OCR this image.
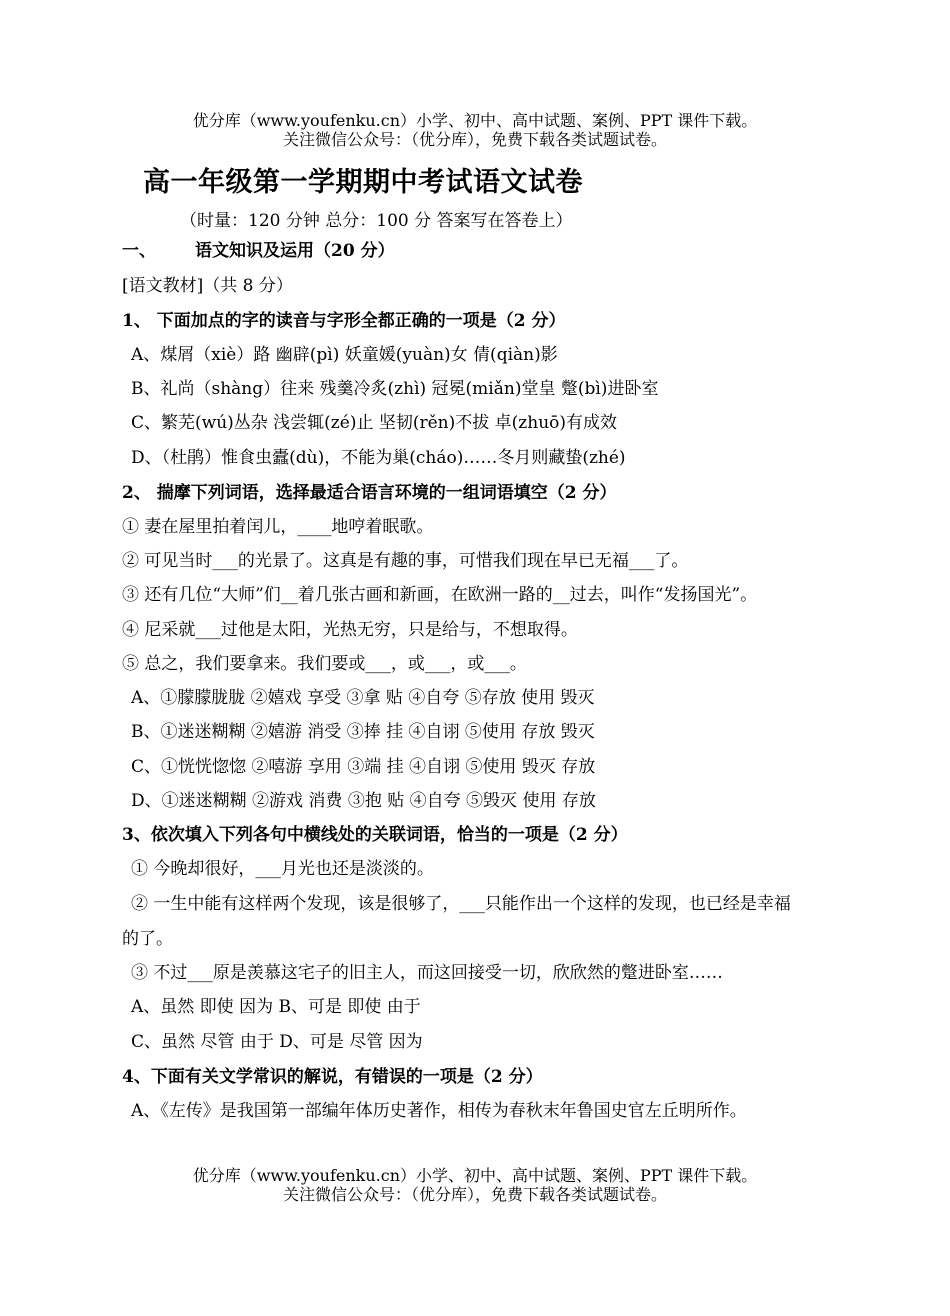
优分库（www.youfenku.cn）小学、初中、高中试题、案例、PPT 课件下载。
关注微信公众号：（优分库），免费下载各类试题试卷。
高一年级第一学期期中考试语文试卷
（时量：120 分钟 总分：100 分 答案写在答卷上）
一、 语文知识及运用（20 分）
[语文教材]（共 8 分）
1、 下面加点的字的读音与字形全都正确的一项是（2 分）
A、煤屑（xiè）路 幽辟(pì) 妖童媛(yuàn)女 倩(qiàn)影
B、礼尚（shàng）往来 残羹冷炙(zhì) 冠冕(miǎn)堂皇 蹩(bì)进卧室
C、繁芜(wú)丛杂 浅尝辄(zé)止 坚韧(rěn)不拔 卓(zhuō)有成效
D、（杜鹃）惟食虫蠹(dù)，不能为巢(cháo)……冬月则藏蛰(zhé)
2、 揣摩下列词语，选择最适合语言环境的一组词语填空（2 分）
① 妻在屋里拍着闰儿，____地哼着眠歌。
② 可见当时___的光景了。这真是有趣的事，可惜我们现在早已无福___了。
③ 还有几位“大师”们__着几张古画和新画，在欧洲一路的__过去，叫作“发扬国光”。
④ 尼采就___过他是太阳，光热无穷，只是给与，不想取得。
⑤ 总之，我们要拿来。我们要或___，或___，或___。
A、①朦朦胧胧 ②嬉戏 享受 ③拿 贴 ④自夸 ⑤存放 使用 毁灭
B、①迷迷糊糊 ②嬉游 消受 ③捧 挂 ④自诩 ⑤使用 存放 毁灭
C、①恍恍惚惚 ②嘻游 享用 ③端 挂 ④自诩 ⑤使用 毁灭 存放
D、①迷迷糊糊 ②游戏 消费 ③抱 贴 ④自夸 ⑤毁灭 使用 存放
3、依次填入下列各句中横线处的关联词语，恰当的一项是（2 分）
① 今晚却很好，___月光也还是淡淡的。
② 一生中能有这样两个发现，该是很够了，___只能作出一个这样的发现，也已经是幸福
的了。
③ 不过___原是羡慕这宅子的旧主人，而这回接受一切，欣欣然的蹩进卧室……
A、虽然 即使 因为 B、可是 即使 由于
C、虽然 尽管 由于 D、可是 尽管 因为
4、下面有关文学常识的解说，有错误的一项是（2 分）
A、《左传》是我国第一部编年体历史著作，相传为春秋末年鲁国史官左丘明所作。
优分库（www.youfenku.cn）小学、初中、高中试题、案例、PPT 课件下载。
关注微信公众号：（优分库），免费下载各类试题试卷。
